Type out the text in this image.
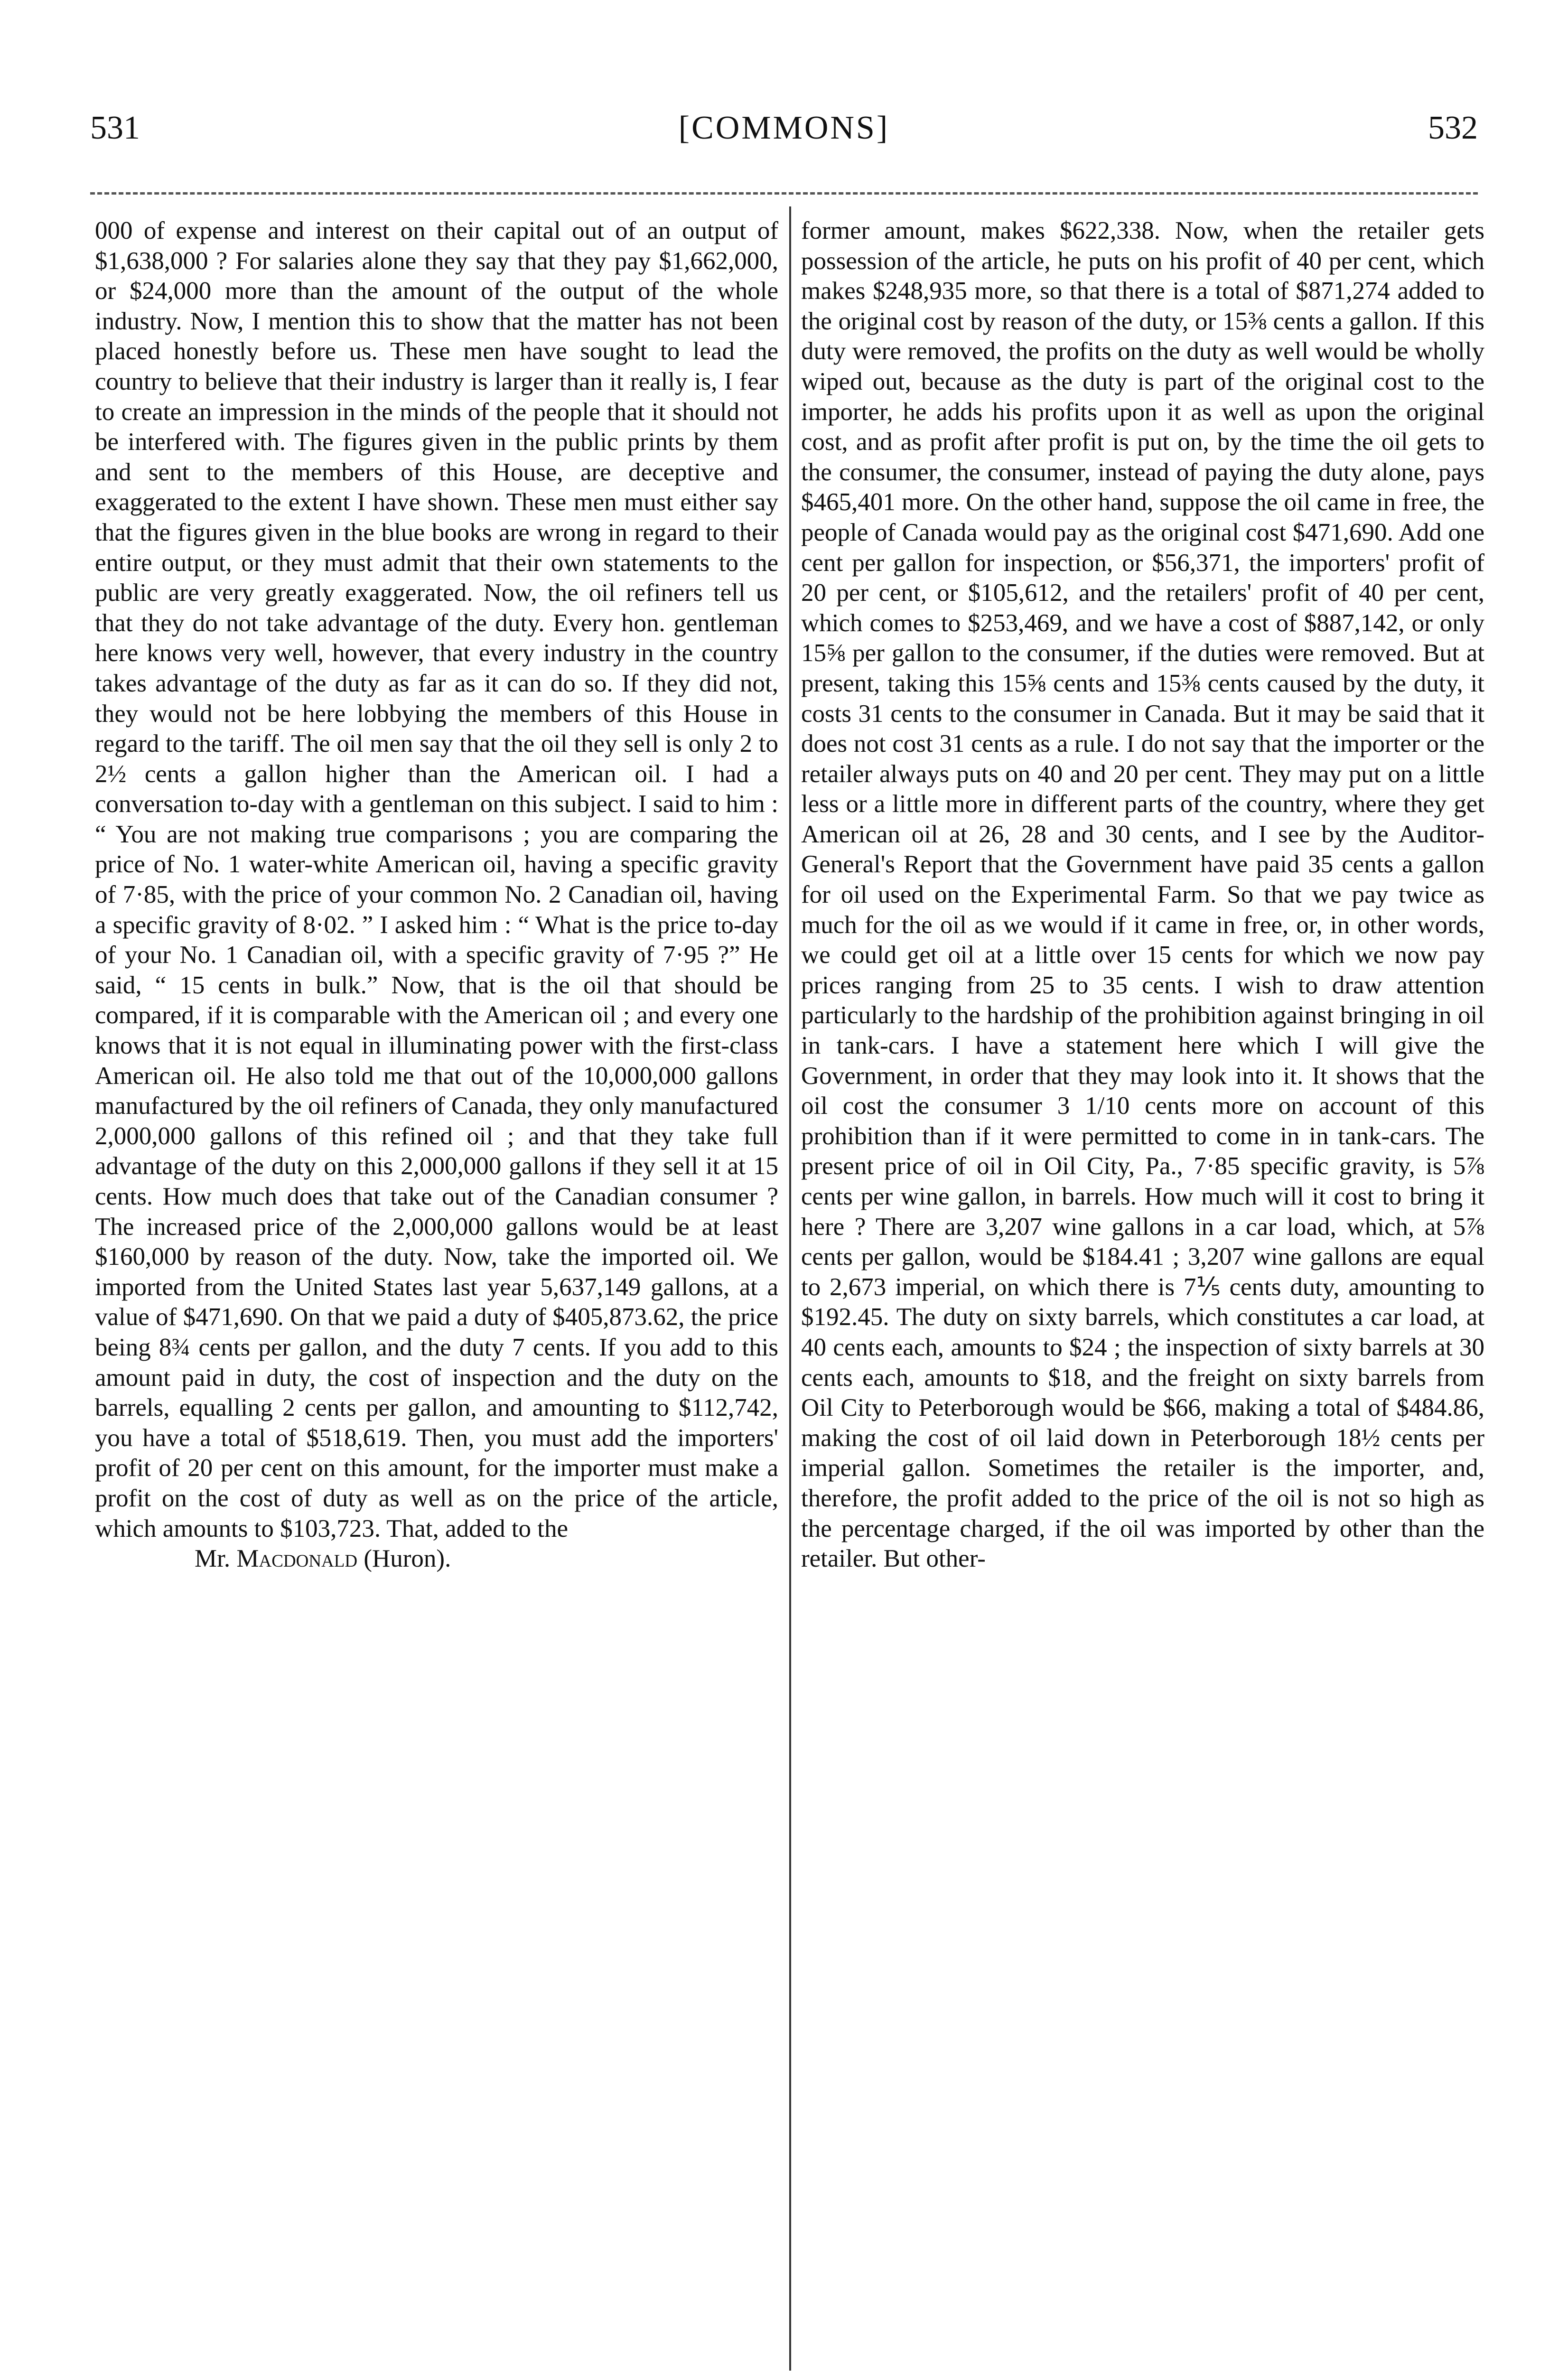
531	[COMMONS]	532

000 of expense and interest on their capital out of an output of $1,638,000 ? For salaries alone they say that they pay $1,662,000, or $24,000 more than the amount of the output of the whole industry. Now, I mention this to show that the matter has not been placed honestly before us. These men have sought to lead the country to believe that their industry is larger than it really is, I fear to create an impression in the minds of the people that it should not be interfered with. The figures given in the public prints by them and sent to the members of this House, are deceptive and exaggerated to the extent I have shown. These men must either say that the figures given in the blue books are wrong in regard to their entire output, or they must admit that their own statements to the public are very greatly exaggerated. Now, the oil refiners tell us that they do not take advantage of the duty. Every hon. gentleman here knows very well, however, that every industry in the country takes advantage of the duty as far as it can do so. If they did not, they would not be here lobbying the members of this House in regard to the tariff. The oil men say that the oil they sell is only 2 to 2½ cents a gallon higher than the American oil. I had a conversation to-day with a gentleman on this subject. I said to him : “ You are not making true comparisons ; you are comparing the price of No. 1 water-white American oil, having a specific gravity of 7·85, with the price of your common No. 2 Canadian oil, having a specific gravity of 8·02. ” I asked him : “ What is the price to-day of your No. 1 Canadian oil, with a specific gravity of 7·95 ?” He said, “ 15 cents in bulk.” Now, that is the oil that should be compared, if it is comparable with the American oil ; and every one knows that it is not equal in illuminating power with the first-class American oil. He also told me that out of the 10,000,000 gallons manufactured by the oil refiners of Canada, they only manufactured 2,000,000 gallons of this refined oil ; and that they take full advantage of the duty on this 2,000,000 gallons if they sell it at 15 cents. How much does that take out of the Canadian consumer ? The increased price of the 2,000,000 gallons would be at least $160,000 by reason of the duty. Now, take the imported oil. We imported from the United States last year 5,637,149 gallons, at a value of $471,690. On that we paid a duty of $405,873.62, the price being 8¾ cents per gallon, and the duty 7 cents. If you add to this amount paid in duty, the cost of inspection and the duty on the barrels, equalling 2 cents per gallon, and amounting to $112,742, you have a total of $518,619. Then, you must add the importers' profit of 20 per cent on this amount, for the importer must make a profit on the cost of duty as well as on the price of the article, which amounts to $103,723. That, added to the

Mr. Macdonald (Huron).

former amount, makes $622,338. Now, when the retailer gets possession of the article, he puts on his profit of 40 per cent, which makes $248,935 more, so that there is a total of $871,274 added to the original cost by reason of the duty, or 15⅜ cents a gallon. If this duty were removed, the profits on the duty as well would be wholly wiped out, because as the duty is part of the original cost to the importer, he adds his profits upon it as well as upon the original cost, and as profit after profit is put on, by the time the oil gets to the consumer, the consumer, instead of paying the duty alone, pays $465,401 more. On the other hand, suppose the oil came in free, the people of Canada would pay as the original cost $471,690. Add one cent per gallon for inspection, or $56,371, the importers' profit of 20 per cent, or $105,612, and the retailers' profit of 40 per cent, which comes to $253,469, and we have a cost of $887,142, or only 15⅝ per gallon to the consumer, if the duties were removed. But at present, taking this 15⅝ cents and 15⅜ cents caused by the duty, it costs 31 cents to the consumer in Canada. But it may be said that it does not cost 31 cents as a rule. I do not say that the importer or the retailer always puts on 40 and 20 per cent. They may put on a little less or a little more in different parts of the country, where they get American oil at 26, 28 and 30 cents, and I see by the Auditor-General's Report that the Government have paid 35 cents a gallon for oil used on the Experimental Farm. So that we pay twice as much for the oil as we would if it came in free, or, in other words, we could get oil at a little over 15 cents for which we now pay prices ranging from 25 to 35 cents. I wish to draw attention particularly to the hardship of the prohibition against bringing in oil in tank-cars. I have a statement here which I will give the Government, in order that they may look into it. It shows that the oil cost the consumer 3 1/10 cents more on account of this prohibition than if it were permitted to come in in tank-cars. The present price of oil in Oil City, Pa., 7·85 specific gravity, is 5⅞ cents per wine gallon, in barrels. How much will it cost to bring it here ? There are 3,207 wine gallons in a car load, which, at 5⅞ cents per gallon, would be $184.41 ; 3,207 wine gallons are equal to 2,673 imperial, on which there is 7⅕ cents duty, amounting to $192.45. The duty on sixty barrels, which constitutes a car load, at 40 cents each, amounts to $24 ; the inspection of sixty barrels at 30 cents each, amounts to $18, and the freight on sixty barrels from Oil City to Peterborough would be $66, making a total of $484.86, making the cost of oil laid down in Peterborough 18½ cents per imperial gallon. Sometimes the retailer is the importer, and, therefore, the profit added to the price of the oil is not so high as the percentage charged, if the oil was imported by other than the retailer. But other-
